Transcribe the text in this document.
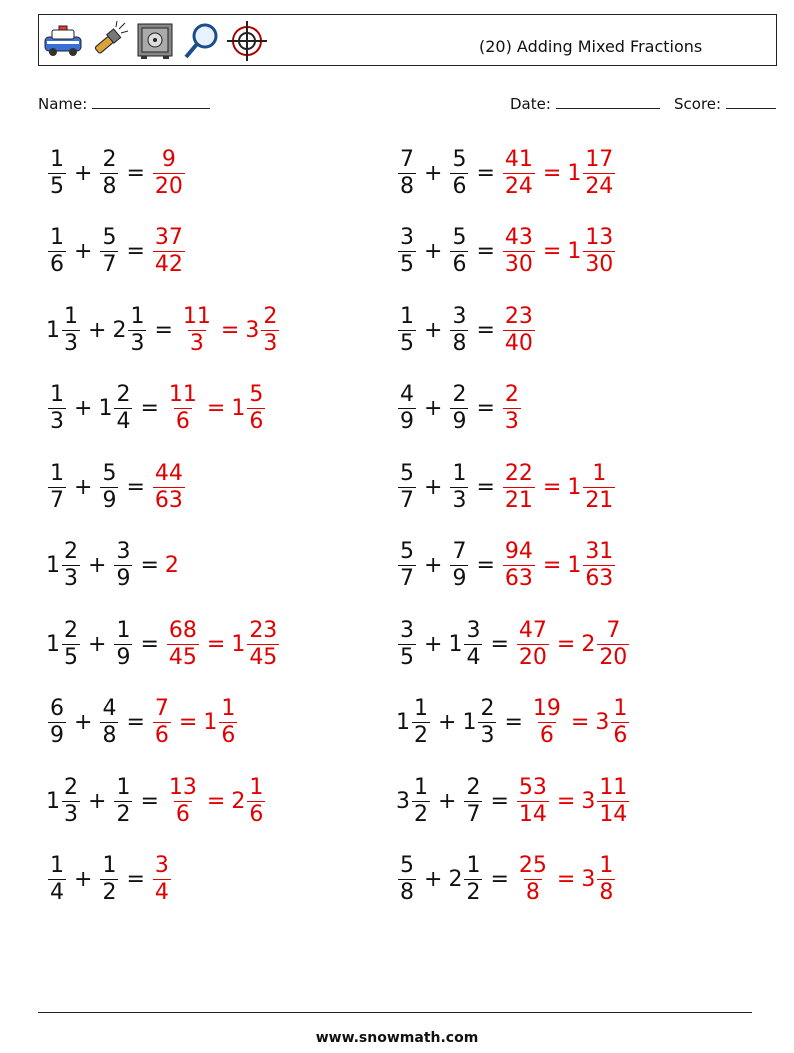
(20) Adding Mixed Fractions
Name:	Date:	Score:
$\frac{1}{5} + \frac{2}{8} = \frac{9}{20}$
$\frac{1}{6} + \frac{5}{7} = \frac{37}{42}$
$1 \frac{1}{3} + 2 \frac{1}{3} = \frac{11}{3} = 3 \frac{2}{3}$
$\frac{1}{3} + 1 \frac{2}{4} = \frac{11}{6} = 1 \frac{5}{6}$
$\frac{1}{7} + \frac{5}{9} = \frac{44}{63}$
$1 \frac{2}{3} + \frac{3}{9} = 2$
$1 \frac{2}{5} + \frac{1}{9} = \frac{68}{45} = 1 \frac{23}{45}$
$\frac{6}{9} + \frac{4}{8} = \frac{7}{6} = 1 \frac{1}{6}$
$1 \frac{2}{3} + \frac{1}{2} = \frac{13}{6} = 2 \frac{1}{6}$
$\frac{1}{4} + \frac{1}{2} = \frac{3}{4}$
$\frac{7}{8} + \frac{5}{6} = \frac{41}{24} = 1 \frac{17}{24}$
$\frac{3}{5} + \frac{5}{6} = \frac{43}{30} = 1 \frac{13}{30}$
$\frac{1}{5} + \frac{3}{8} = \frac{23}{40}$
$\frac{4}{9} + \frac{2}{9} = \frac{2}{3}$
$\frac{5}{7} + \frac{1}{3} = \frac{22}{21} = 1 \frac{1}{21}$
$\frac{5}{7} + \frac{7}{9} = \frac{94}{63} = 1 \frac{31}{63}$
$\frac{3}{5} + 1 \frac{3}{4} = \frac{47}{20} = 2 \frac{7}{20}$
$1 \frac{1}{2} + 1 \frac{2}{3} = \frac{19}{6} = 3 \frac{1}{6}$
$3 \frac{1}{2} + \frac{2}{7} = \frac{53}{14} = 3 \frac{11}{14}$
$\frac{5}{8} + 2 \frac{1}{2} = \frac{25}{8} = 3 \frac{1}{8}$
www.snowmath.com
